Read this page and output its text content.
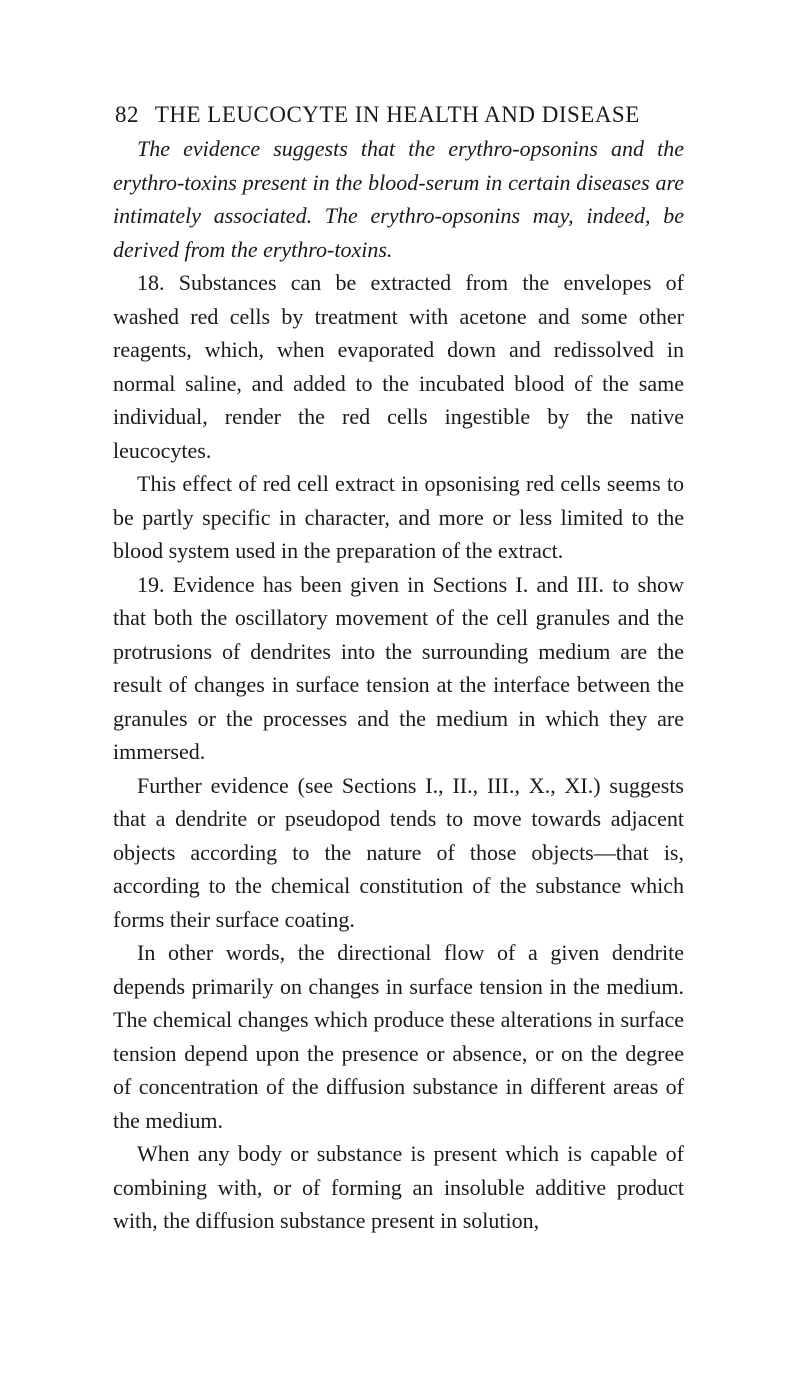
82 THE LEUCOCYTE IN HEALTH AND DISEASE

The evidence suggests that the erythro-opsonins and the erythro-toxins present in the blood-serum in certain diseases are intimately associated. The erythro-opsonins may, indeed, be derived from the erythro-toxins.

18. Substances can be extracted from the envelopes of washed red cells by treatment with acetone and some other reagents, which, when evaporated down and redissolved in normal saline, and added to the incubated blood of the same individual, render the red cells ingestible by the native leucocytes.

This effect of red cell extract in opsonising red cells seems to be partly specific in character, and more or less limited to the blood system used in the preparation of the extract.

19. Evidence has been given in Sections I. and III. to show that both the oscillatory movement of the cell granules and the protrusions of dendrites into the surrounding medium are the result of changes in surface tension at the interface between the granules or the processes and the medium in which they are immersed.

Further evidence (see Sections I., II., III., X., XI.) suggests that a dendrite or pseudopod tends to move towards adjacent objects according to the nature of those objects—that is, according to the chemical constitution of the substance which forms their surface coating.

In other words, the directional flow of a given dendrite depends primarily on changes in surface tension in the medium. The chemical changes which produce these alterations in surface tension depend upon the presence or absence, or on the degree of concentration of the diffusion substance in different areas of the medium.

When any body or substance is present which is capable of combining with, or of forming an insoluble additive product with, the diffusion substance present in solution,
